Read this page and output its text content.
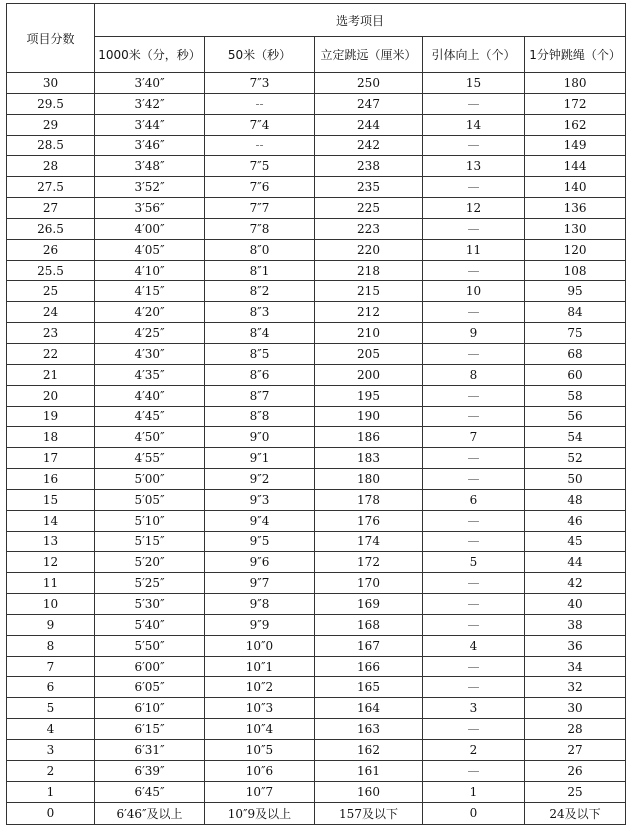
项目分数	选考项目				
	1000米（分，秒）	50米（秒）	立定跳远（厘米）	引体向上（个）	1分钟跳绳（个）
30	3′40″	7″3	250	15	180
29.5	3′42″	--	247	—	172
29	3′44″	7″4	244	14	162
28.5	3′46″	--	242	—	149
28	3′48″	7″5	238	13	144
27.5	3′52″	7″6	235	—	140
27	3′56″	7″7	225	12	136
26.5	4′00″	7″8	223	—	130
26	4′05″	8″0	220	11	120
25.5	4′10″	8″1	218	—	108
25	4′15″	8″2	215	10	95
24	4′20″	8″3	212	—	84
23	4′25″	8″4	210	9	75
22	4′30″	8″5	205	—	68
21	4′35″	8″6	200	8	60
20	4′40″	8″7	195	—	58
19	4′45″	8″8	190	—	56
18	4′50″	9″0	186	7	54
17	4′55″	9″1	183	—	52
16	5′00″	9″2	180	—	50
15	5′05″	9″3	178	6	48
14	5′10″	9″4	176	—	46
13	5′15″	9″5	174	—	45
12	5′20″	9″6	172	5	44
11	5′25″	9″7	170	—	42
10	5′30″	9″8	169	—	40
9	5′40″	9″9	168	—	38
8	5′50″	10″0	167	4	36
7	6′00″	10″1	166	—	34
6	6′05″	10″2	165	—	32
5	6′10″	10″3	164	3	30
4	6′15″	10″4	163	—	28
3	6′31″	10″5	162	2	27
2	6′39″	10″6	161	—	26
1	6′45″	10″7	160	1	25
0	6′46″及以上	10″9及以上	157及以下	0	24及以下
